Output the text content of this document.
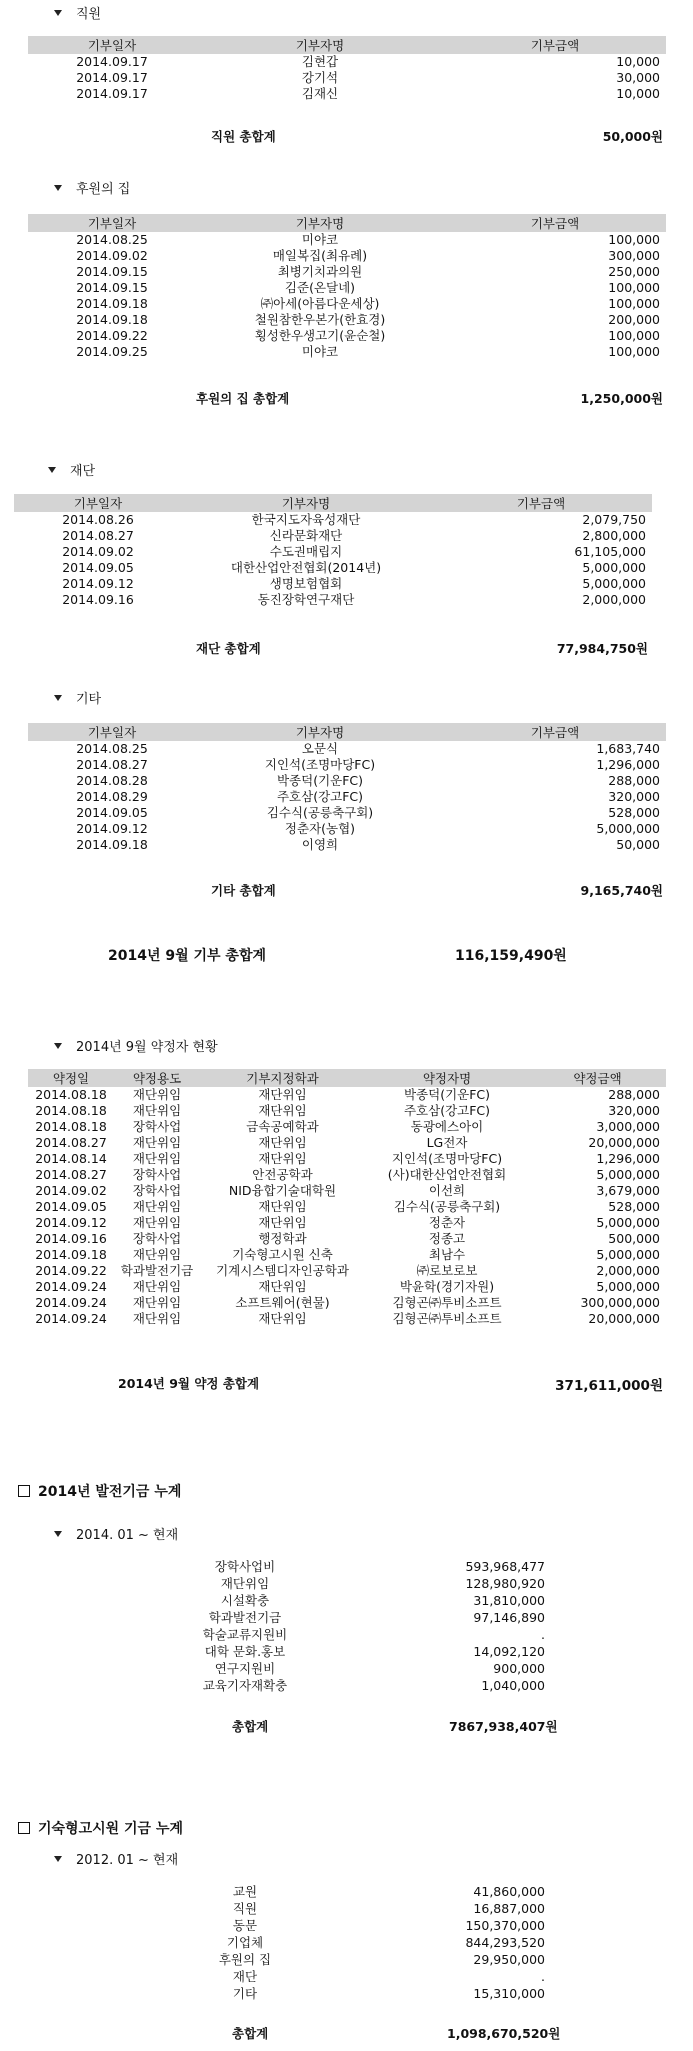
직원
기부일자	기부자명	기부금액
2014.09.17	김현갑	10,000
2014.09.17	강기석	30,000
2014.09.17	김재신	10,000
직원 총합계	50,000원
후원의 집
기부일자	기부자명	기부금액
2014.08.25	미야코	100,000
2014.09.02	매일복집(최유례)	300,000
2014.09.15	최병기치과의원	250,000
2014.09.15	김준(온달네)	100,000
2014.09.18	㈜아세(아름다운세상)	100,000
2014.09.18	철원참한우본가(한효경)	200,000
2014.09.22	횡성한우생고기(윤순철)	100,000
2014.09.25	미야코	100,000
후원의 집 총합계	1,250,000원
재단
기부일자	기부자명	기부금액
2014.08.26	한국지도자육성재단	2,079,750
2014.08.27	신라문화재단	2,800,000
2014.09.02	수도권매립지	61,105,000
2014.09.05	대한산업안전협회(2014년)	5,000,000
2014.09.12	생명보험협회	5,000,000
2014.09.16	동진장학연구재단	2,000,000
재단 총합계	77,984,750원
기타
기부일자	기부자명	기부금액
2014.08.25	오문식	1,683,740
2014.08.27	지인석(조명마당FC)	1,296,000
2014.08.28	박종덕(기운FC)	288,000
2014.08.29	주호삼(강고FC)	320,000
2014.09.05	김수식(공릉축구회)	528,000
2014.09.12	정춘자(농협)	5,000,000
2014.09.18	이영희	50,000
기타 총합계	9,165,740원
2014년 9월 기부 총합계	116,159,490원
2014년 9월 약정자 현황
약정일	약정용도	기부지정학과	약정자명	약정금액
2014.08.18	재단위임	재단위임	박종덕(기운FC)	288,000
2014.08.18	재단위임	재단위임	주호삼(강고FC)	320,000
2014.08.18	장학사업	금속공예학과	동광에스아이	3,000,000
2014.08.27	재단위임	재단위임	LG전자	20,000,000
2014.08.14	재단위임	재단위임	지인석(조명마당FC)	1,296,000
2014.08.27	장학사업	안전공학과	(사)대한산업안전협회	5,000,000
2014.09.02	장학사업	NID융합기술대학원	이선희	3,679,000
2014.09.05	재단위임	재단위임	김수식(공릉축구회)	528,000
2014.09.12	재단위임	재단위임	정춘자	5,000,000
2014.09.16	장학사업	행정학과	정종고	500,000
2014.09.18	재단위임	기숙형고시원 신축	최남수	5,000,000
2014.09.22	학과발전기금	기계시스템디자인공학과	㈜로보로보	2,000,000
2014.09.24	재단위임	재단위임	박윤학(경기자원)	5,000,000
2014.09.24	재단위임	소프트웨어(현물)	김형곤㈜투비소프트	300,000,000
2014.09.24	재단위임	재단위임	김형곤㈜투비소프트	20,000,000
2014년 9월 약정 총합계	371,611,000원
2014년 발전기금 누계
2014. 01 ~ 현재
장학사업비	593,968,477
재단위임	128,980,920
시설확충	31,810,000
학과발전기금	97,146,890
학술교류지원비	.
대학 문화.홍보	14,092,120
연구지원비	900,000
교육기자재확충	1,040,000
총합계	7867,938,407원
기숙형고시원 기금 누계
2012. 01 ~ 현재
교원	41,860,000
직원	16,887,000
동문	150,370,000
기업체	844,293,520
후원의 집	29,950,000
재단	.
기타	15,310,000
총합계	1,098,670,520원
